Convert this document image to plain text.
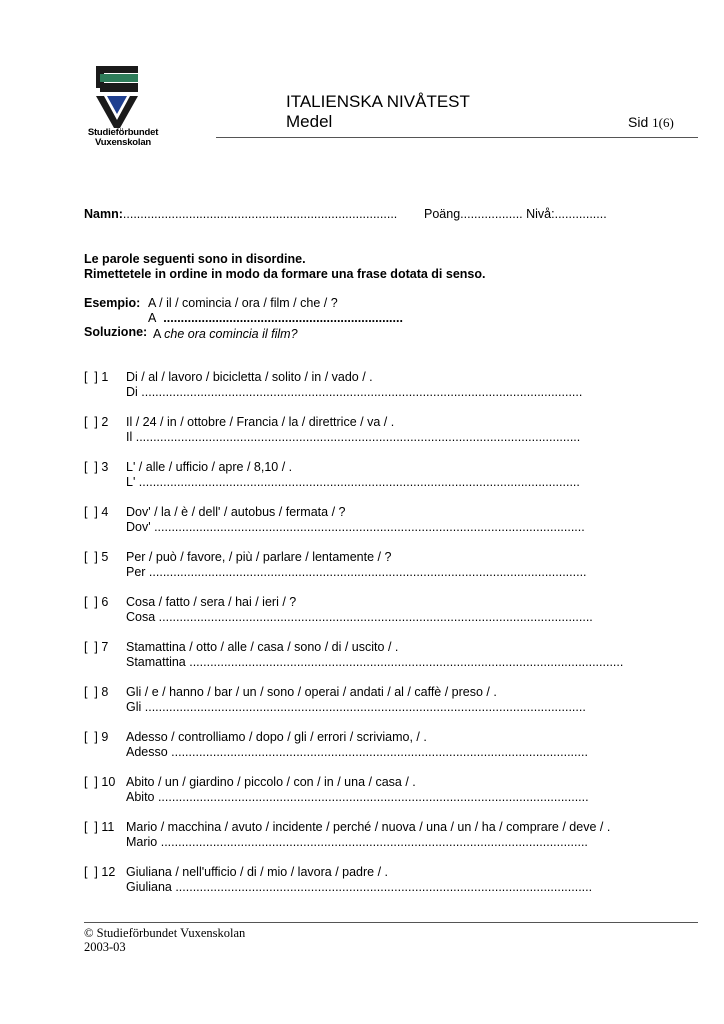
Studieförbundet
Vuxenskolan
ITALIENSKA NIVÅTEST
Medel	Sid 1(6)
Namn:............................................................................... Poäng.................. Nivå:...............
Le parole seguenti sono in disordine.
Rimettetele in ordine in modo da formare una frase dotata di senso.
Esempio: A / il / comincia / ora / film / che / ?
A .....................................................................
Soluzione: A che ora comincia il film?
[  ] 1 Di / al / lavoro / bicicletta / solito / in / vado / .
Di ...............................................................................................................................
[  ] 2 Il / 24 / in / ottobre / Francia / la / direttrice / va / .
Il ................................................................................................................................
[  ] 3 L' / alle / ufficio / apre / 8,10 / .
L' ...............................................................................................................................
[  ] 4 Dov' / la / è / dell' / autobus / fermata / ?
Dov' ............................................................................................................................
[  ] 5 Per / può / favore, / più / parlare / lentamente / ?
Per ..............................................................................................................................
[  ] 6 Cosa / fatto / sera / hai / ieri / ?
Cosa .............................................................................................................................
[  ] 7 Stamattina / otto / alle / casa / sono / di / uscito / .
Stamattina .............................................................................................................................
[  ] 8 Gli / e / hanno / bar / un / sono / operai / andati / al / caffè / preso / .
Gli ...............................................................................................................................
[  ] 9 Adesso / controlliamo / dopo / gli / errori / scriviamo, / .
Adesso ........................................................................................................................
[  ] 10 Abito / un / giardino / piccolo / con / in / una / casa / .
Abito ............................................................................................................................
[  ] 11 Mario / macchina / avuto / incidente / perché / nuova / una / un / ha / comprare / deve / .
Mario ...........................................................................................................................
[  ] 12 Giuliana / nell'ufficio / di / mio / lavora / padre / .
Giuliana ........................................................................................................................
© Studieförbundet Vuxenskolan
2003-03
